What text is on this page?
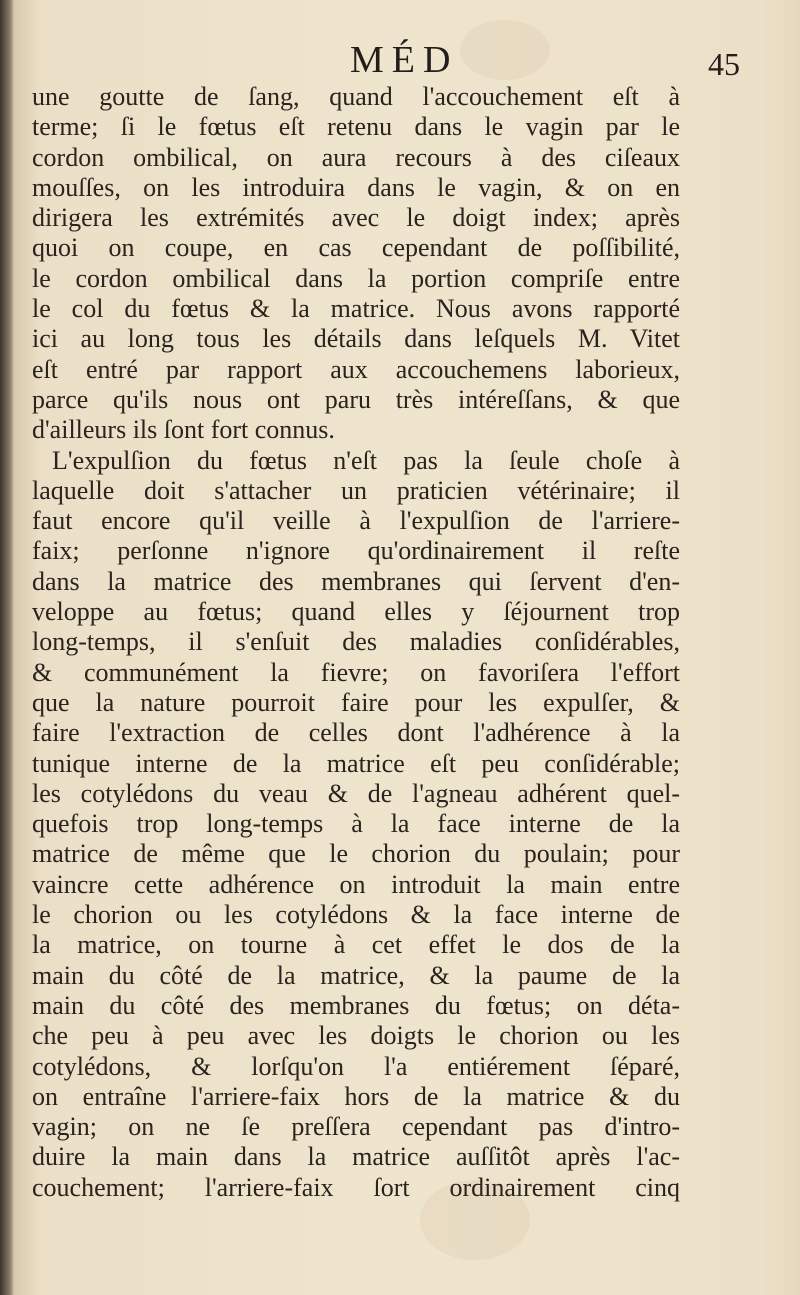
MÉD	45

une goutte de ſang, quand l'accouchement eſt à
terme; ſi le fœtus eſt retenu dans le vagin par le
cordon ombilical, on aura recours à des ciſeaux
mouſſes, on les introduira dans le vagin, & on en
dirigera les extrémités avec le doigt index; après
quoi on coupe, en cas cependant de poſſibilité,
le cordon ombilical dans la portion compriſe entre
le col du fœtus & la matrice. Nous avons rapporté
ici au long tous les détails dans leſquels M. Vitet
eſt entré par rapport aux accouchemens laborieux,
parce qu'ils nous ont paru très intéreſſans, & que
d'ailleurs ils ſont fort connus.

L'expulſion du fœtus n'eſt pas la ſeule choſe à
laquelle doit s'attacher un praticien vétérinaire; il
faut encore qu'il veille à l'expulſion de l'arriere-
faix; perſonne n'ignore qu'ordinairement il reſte
dans la matrice des membranes qui ſervent d'en-
veloppe au fœtus; quand elles y ſéjournent trop
long-temps, il s'enſuit des maladies conſidérables,
& communément la fievre; on favoriſera l'effort
que la nature pourroit faire pour les expulſer, &
faire l'extraction de celles dont l'adhérence à la
tunique interne de la matrice eſt peu conſidérable;
les cotylédons du veau & de l'agneau adhérent quel-
quefois trop long-temps à la face interne de la
matrice de même que le chorion du poulain; pour
vaincre cette adhérence on introduit la main entre
le chorion ou les cotylédons & la face interne de
la matrice, on tourne à cet effet le dos de la
main du côté de la matrice, & la paume de la
main du côté des membranes du fœtus; on déta-
che peu à peu avec les doigts le chorion ou les
cotylédons, & lorſqu'on l'a entiérement ſéparé,
on entraîne l'arriere-faix hors de la matrice & du
vagin; on ne ſe preſſera cependant pas d'intro-
duire la main dans la matrice auſſitôt après l'ac-
couchement; l'arriere-faix ſort ordinairement cinq
